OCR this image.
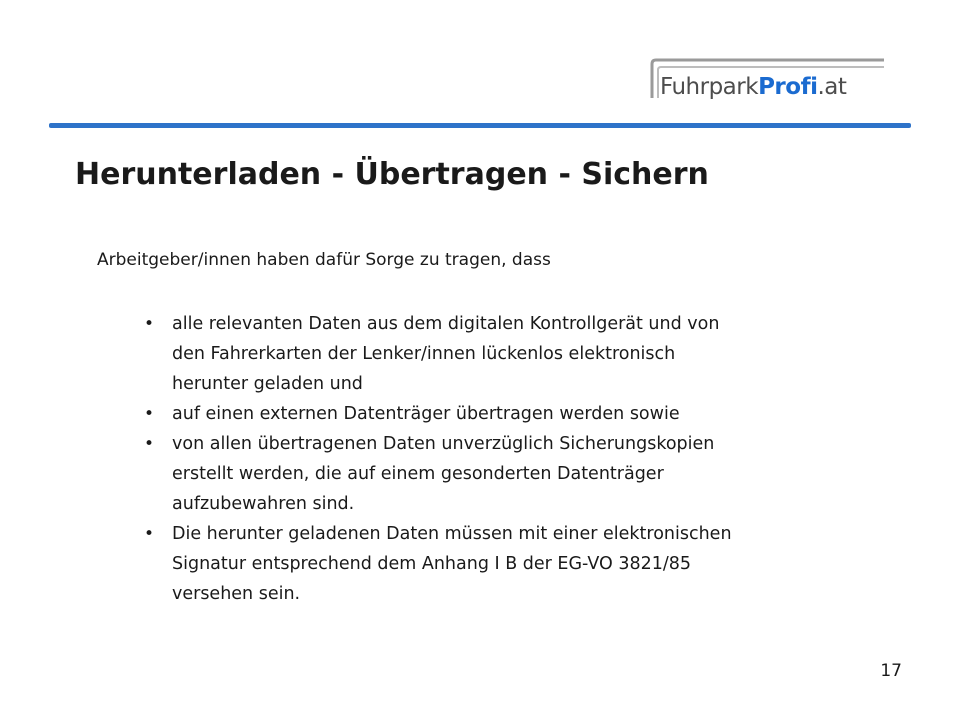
FuhrparkProfi.at
Herunterladen - Übertragen - Sichern

Arbeitgeber/innen haben dafür Sorge zu tragen, dass

• alle relevanten Daten aus dem digitalen Kontrollgerät und von
den Fahrerkarten der Lenker/innen lückenlos elektronisch
herunter geladen und
• auf einen externen Datenträger übertragen werden sowie
• von allen übertragenen Daten unverzüglich Sicherungskopien
erstellt werden, die auf einem gesonderten Datenträger
aufzubewahren sind.
• Die herunter geladenen Daten müssen mit einer elektronischen
Signatur entsprechend dem Anhang I B der EG-VO 3821/85
versehen sein.
17
